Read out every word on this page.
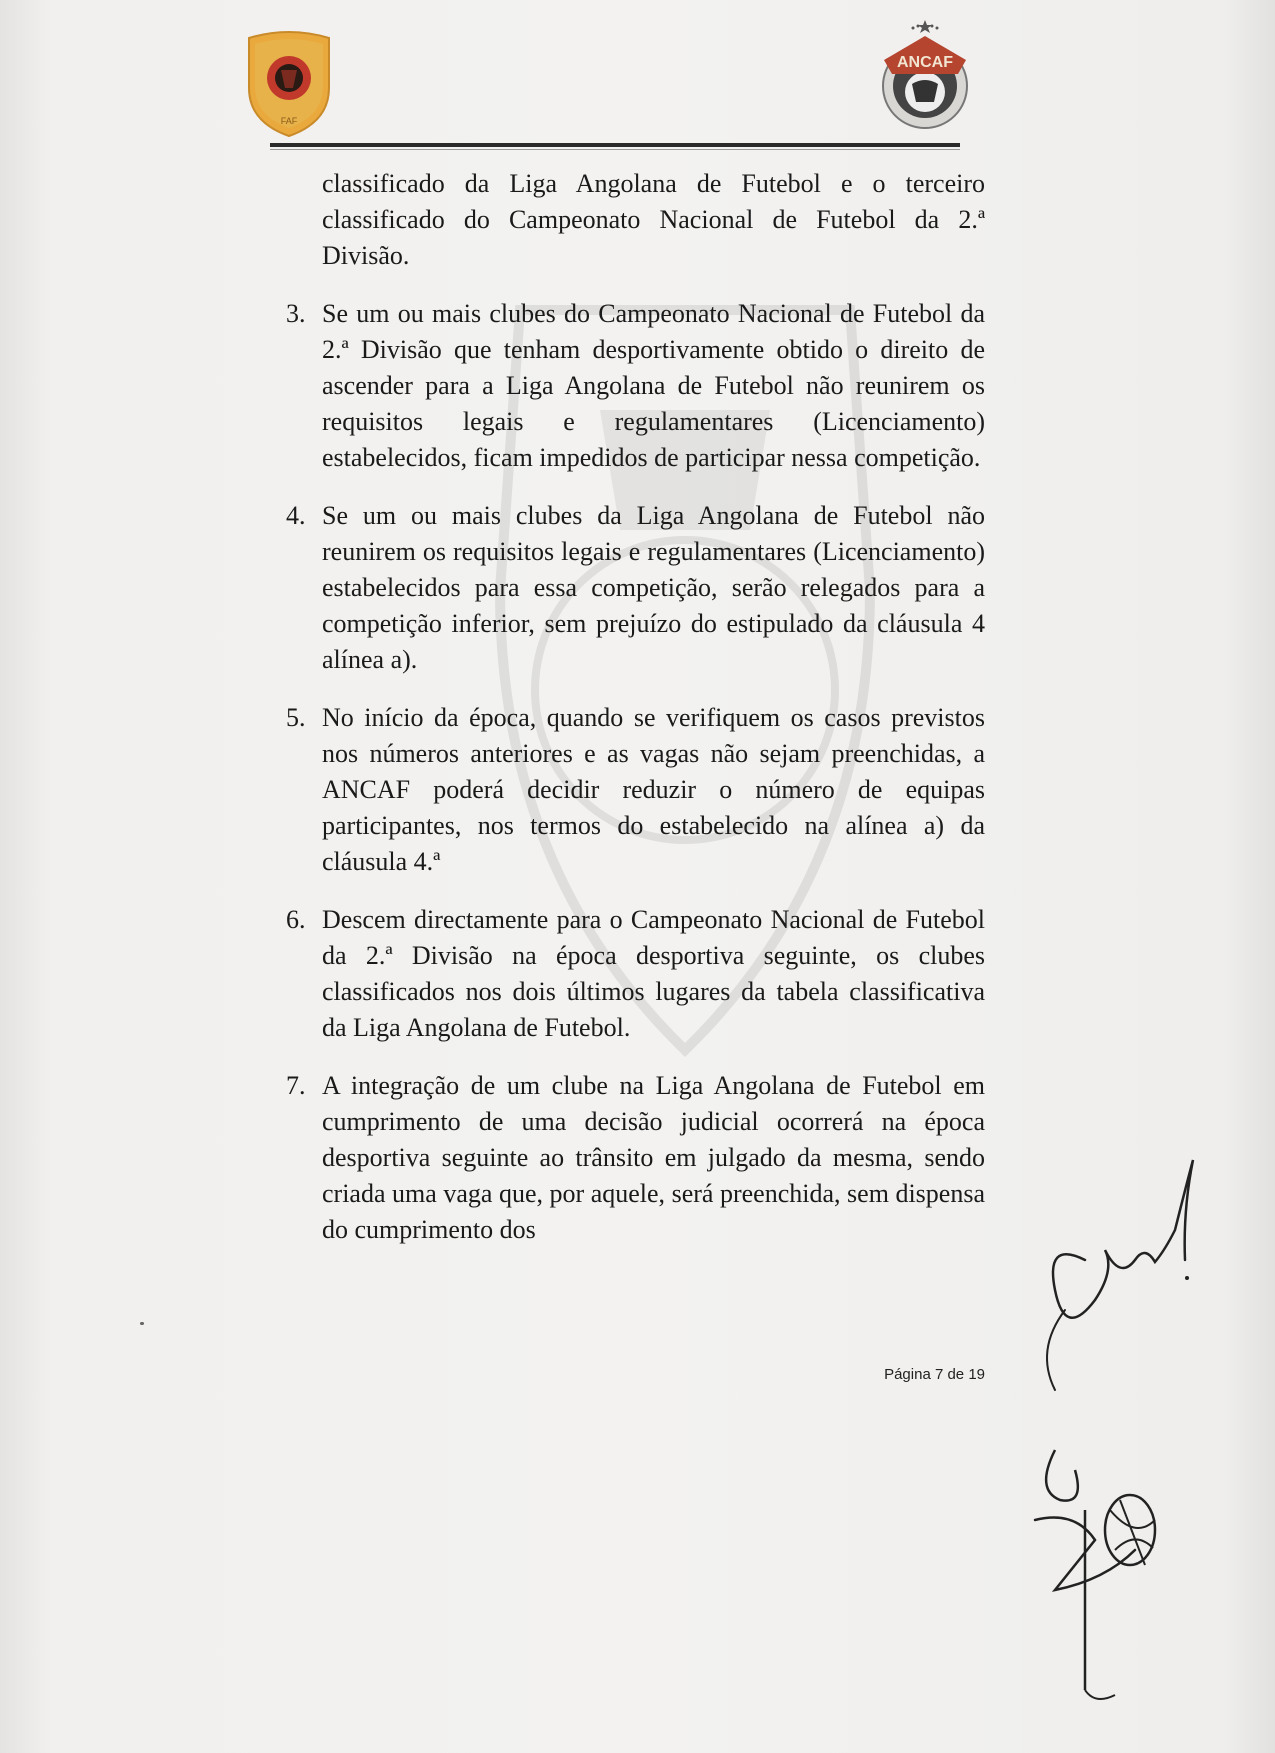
FAF
ANCAF

classificado da Liga Angolana de Futebol e o terceiro classificado do Campeonato Nacional de Futebol da 2.ª Divisão.

3. Se um ou mais clubes do Campeonato Nacional de Futebol da 2.ª Divisão que tenham desportivamente obtido o direito de ascender para a Liga Angolana de Futebol não reunirem os requisitos legais e regulamentares (Licenciamento) estabelecidos, ficam impedidos de participar nessa competição.
4. Se um ou mais clubes da Liga Angolana de Futebol não reunirem os requisitos legais e regulamentares (Licenciamento) estabelecidos para essa competição, serão relegados para a competição inferior, sem prejuízo do estipulado da cláusula 4 alínea a).
5. No início da época, quando se verifiquem os casos previstos nos números anteriores e as vagas não sejam preenchidas, a ANCAF poderá decidir reduzir o número de equipas participantes, nos termos do estabelecido na alínea a) da cláusula 4.ª
6. Descem directamente para o Campeonato Nacional de Futebol da 2.ª Divisão na época desportiva seguinte, os clubes classificados nos dois últimos lugares da tabela classificativa da Liga Angolana de Futebol.
7. A integração de um clube na Liga Angolana de Futebol em cumprimento de uma decisão judicial ocorrerá na época desportiva seguinte ao trânsito em julgado da mesma, sendo criada uma vaga que, por aquele, será preenchida, sem dispensa do cumprimento dos
Página 7 de 19
